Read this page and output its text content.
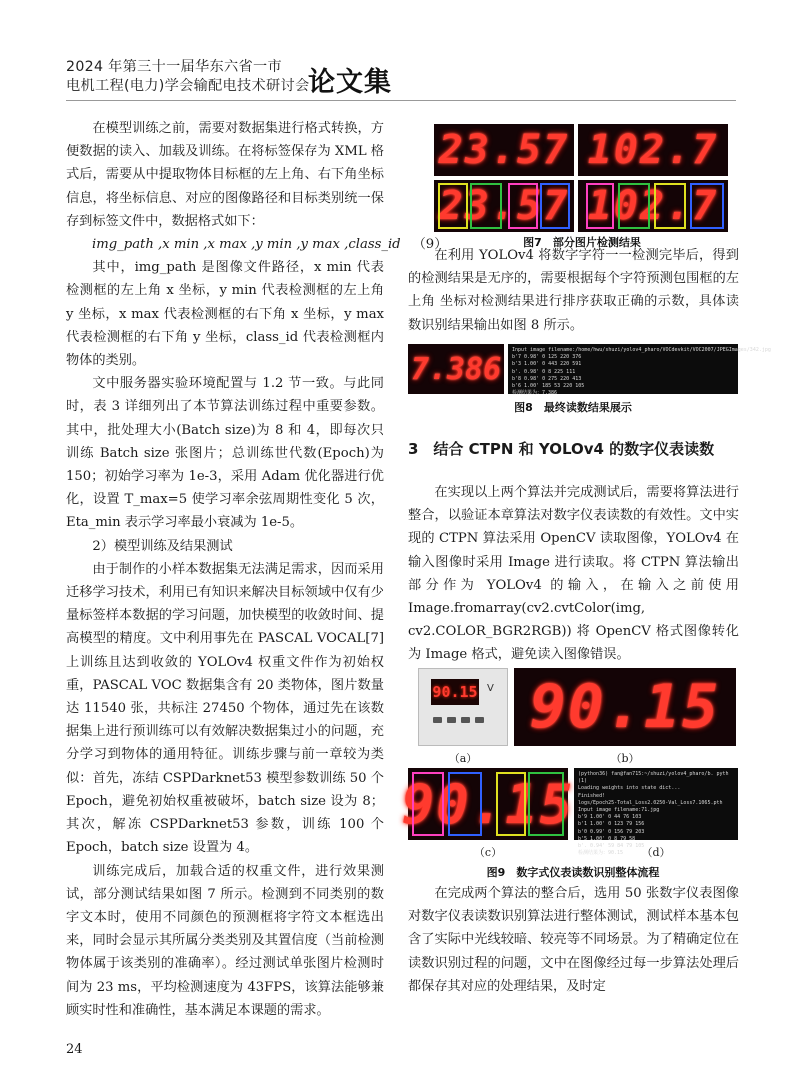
2024 年第三十一届华东六省一市
电机工程(电力)学会输配电技术研讨会
论文集

在模型训练之前，需要对数据集进行格式转换，方便数据的读入、加载及训练。在将标签保存为 XML 格式后，需要从中提取物体目标框的左上角、右下角坐标信息，将坐标信息、对应的图像路径和目标类别统一保存到标签文件中，数据格式如下：

img_path ,x min ,x max ,y min ,y max ,class_id （9）

其中，img_path 是图像文件路径，x min 代表检测框的左上角 x 坐标，y min 代表检测框的左上角 y 坐标，x max 代表检测框的右下角 x 坐标，y max 代表检测框的右下角 y 坐标，class_id 代表检测框内物体的类别。

文中服务器实验环境配置与 1.2 节一致。与此同时，表 3 详细列出了本节算法训练过程中重要参数。其中，批处理大小(Batch size)为 8 和 4，即每次只训练 Batch size 张图片；总训练世代数(Epoch)为 150；初始学习率为 1e-3，采用 Adam 优化器进行优化，设置 T_max=5 使学习率余弦周期性变化 5 次，Eta_min 表示学习率最小衰减为 1e-5。

2）模型训练及结果测试

由于制作的小样本数据集无法满足需求，因而采用迁移学习技术，利用已有知识来解决目标领域中仅有少量标签样本数据的学习问题，加快模型的收敛时间、提高模型的精度。文中利用事先在 PASCAL VOCAL[7] 上训练且达到收敛的 YOLOv4 权重文件作为初始权重，PASCAL VOC 数据集含有 20 类物体，图片数量达 11540 张，共标注 27450 个物体，通过先在该数据集上进行预训练可以有效解决数据集过小的问题，充分学习到物体的通用特征。训练步骤与前一章较为类似：首先，冻结 CSPDarknet53 模型参数训练 50 个 Epoch，避免初始权重被破坏，batch size 设为 8；其次，解冻 CSPDarknet53 参数，训练 100 个 Epoch，batch size 设置为 4。

训练完成后，加载合适的权重文件，进行效果测试，部分测试结果如图 7 所示。检测到不同类别的数字文本时，使用不同颜色的预测框将字符文本框选出来，同时会显示其所属分类类别及其置信度（当前检测物体属于该类别的准确率）。经过测试单张图片检测时间为 23 ms，平均检测速度为 43FPS，该算法能够兼顾实时性和准确性，基本满足本课题的需求。

23.57 102.7
23.57 102.7
图7　部分图片检测结果

在利用 YOLOv4 将数字字符一一检测完毕后，得到的检测结果是无序的，需要根据每个字符预测包围框的左上角 坐标对检测结果进行排序获取正确的示数，具体读数识别结果输出如图 8 所示。

7.386
Input image filename:/home/hwu/shuzi/yolov4_pharo/VOCdevkit/VOC2007/JPEGImages/342.jpg
b'7 0.98' 0 125 220 376
b'3 1.00' 0 443 220 591
b'. 0.98' 0 8 225 111
b'8 0.98' 0 275 220 413
b'6 1.00' 185 53 220 105
检测结果为：7.386
图8　最终读数结果展示
3　结合 CTPN 和 YOLOv4 的数字仪表读数

在实现以上两个算法并完成测试后，需要将算法进行整合，以验证本章算法对数字仪表读数的有效性。文中实现的 CTPN 算法采用 OpenCV 读取图像，YOLOv4 在输入图像时采用 Image 进行读取。将 CTPN 算法输出部分作为 YOLOv4 的输入，在输入之前使用 Image.fromarray(cv2.cvtColor(img, cv2.COLOR_BGR2RGB)) 将 OpenCV 格式图像转化为 Image 格式，避免读入图像错误。

90.15 V
（a）
90.15
（b）
90.15
（c）
(python36) fan@fan715:~/shuzi/yolov4_pharo/b. pyth
(1)
Loading weights into state dict...
Finished!
logs/Epoch25-Total_Loss2.0250-Val_Loss7.1065.pth
Input image filename:71.jpg
b'9 1.00' 0 44 76 103
b'1 1.00' 0 123 79 156
b'0 0.99' 0 156 79 203
b'5 1.00' 0 8 79 58
b'. 0.94' 59 84 79 105
检测结果为：90.15	（d）
图9　数字式仪表读数识别整体流程

在完成两个算法的整合后，选用 50 张数字仪表图像对数字仪表读数识别算法进行整体测试，测试样本基本包含了实际中光线较暗、较亮等不同场景。为了精确定位在读数识别过程的问题，文中在图像经过每一步算法处理后都保存其对应的处理结果，及时定

24
